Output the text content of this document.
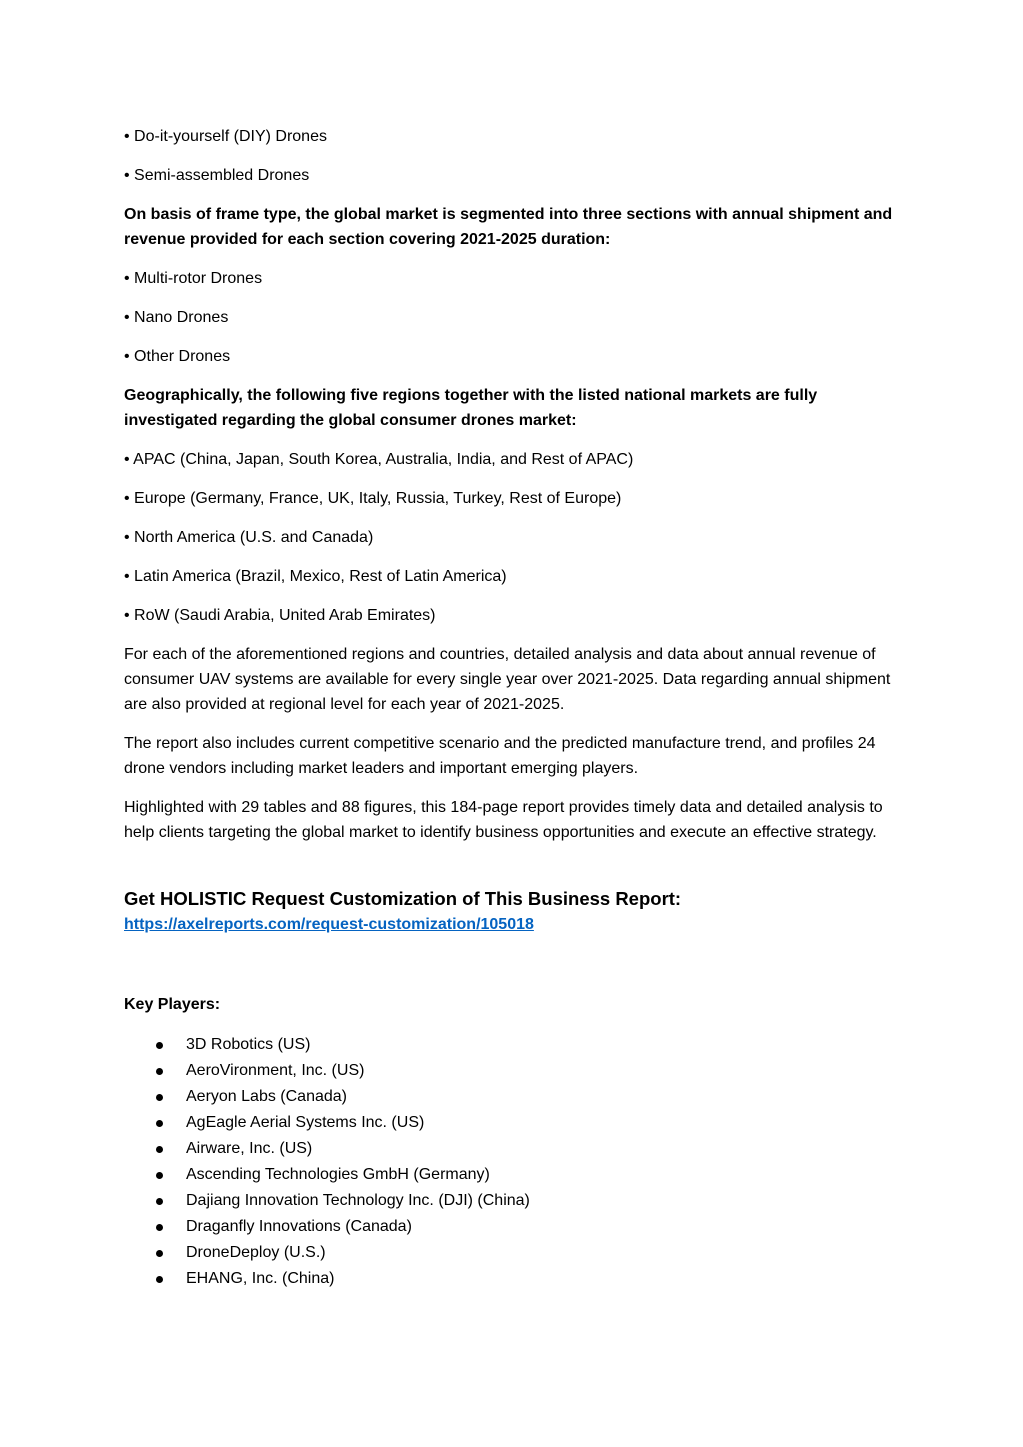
• Do-it-yourself (DIY) Drones

• Semi-assembled Drones

On basis of frame type, the global market is segmented into three sections with annual shipment and revenue provided for each section covering 2021-2025 duration:

• Multi-rotor Drones

• Nano Drones

• Other Drones

Geographically, the following five regions together with the listed national markets are fully investigated regarding the global consumer drones market:

• APAC (China, Japan, South Korea, Australia, India, and Rest of APAC)

• Europe (Germany, France, UK, Italy, Russia, Turkey, Rest of Europe)

• North America (U.S. and Canada)

• Latin America (Brazil, Mexico, Rest of Latin America)

• RoW (Saudi Arabia, United Arab Emirates)

For each of the aforementioned regions and countries, detailed analysis and data about annual revenue of consumer UAV systems are available for every single year over 2021-2025. Data regarding annual shipment are also provided at regional level for each year of 2021-2025.

The report also includes current competitive scenario and the predicted manufacture trend, and profiles 24 drone vendors including market leaders and important emerging players.

Highlighted with 29 tables and 88 figures, this 184-page report provides timely data and detailed analysis to help clients targeting the global market to identify business opportunities and execute an effective strategy.

Get HOLISTIC Request Customization of This Business Report:
https://axelreports.com/request-customization/105018

Key Players:

3D Robotics (US)
AeroVironment, Inc. (US)
Aeryon Labs (Canada)
AgEagle Aerial Systems Inc. (US)
Airware, Inc. (US)
Ascending Technologies GmbH (Germany)
Dajiang Innovation Technology Inc. (DJI) (China)
Draganfly Innovations (Canada)
DroneDeploy (U.S.)
EHANG, Inc. (China)
